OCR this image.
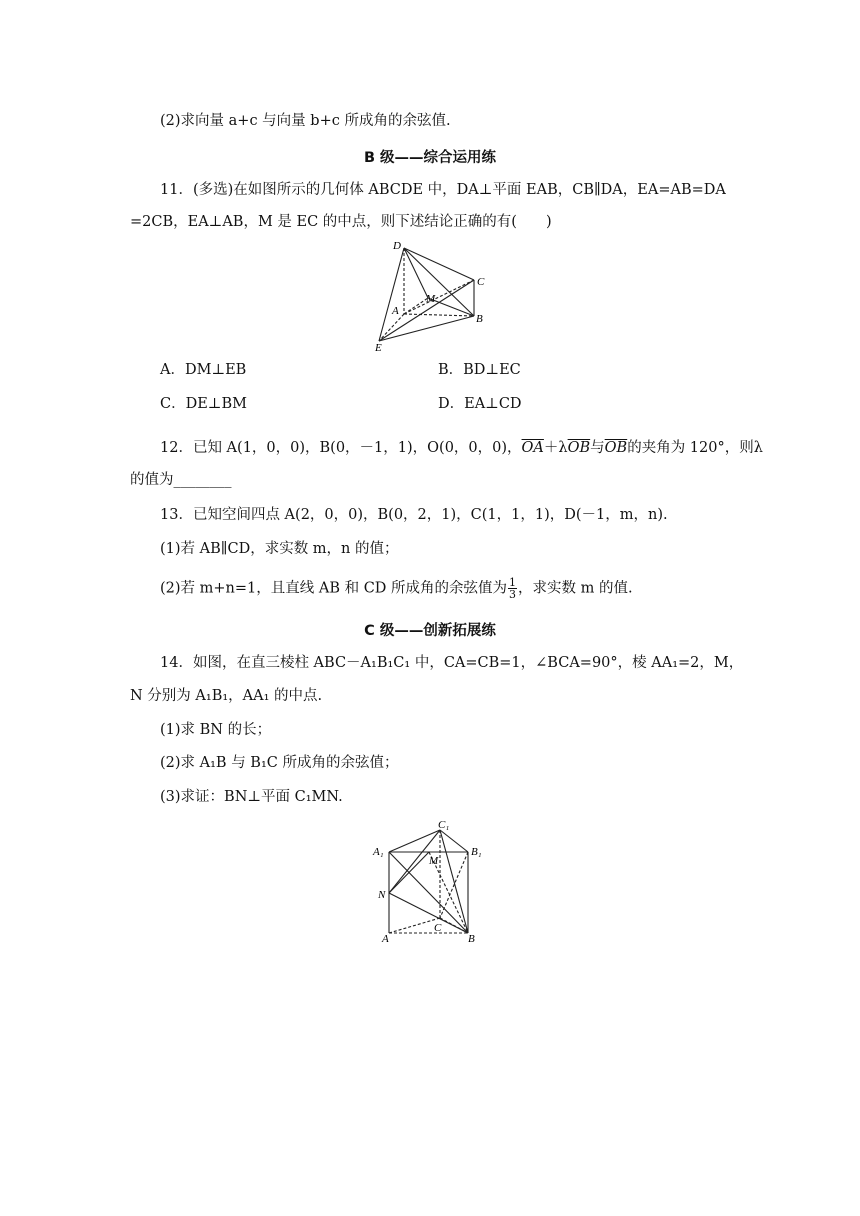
(2)求向量 a+c 与向量 b+c 所成角的余弦值.
B 级——综合运用练
11．(多选)在如图所示的几何体 ABCDE 中，DA⊥平面 EAB，CB∥DA，EA=AB=DA
=2CB，EA⊥AB，M 是 EC 的中点，则下述结论正确的有(　　)
D
C
M
A
B
E
A．DM⊥EB	B．BD⊥EC
C．DE⊥BM	D．EA⊥CD
12．已知 A(1，0，0)，B(0，－1，1)，O(0，0，0)，$\overline{OA}+\lambda\overline{OB}$与$\overline{OB}$的夹角为 120°，则λ
的值为________
13．已知空间四点 A(2，0，0)，B(0，2，1)，C(1，1，1)，D(－1，m，n).
(1)若 AB∥CD，求实数 m，n 的值；
(2)若 m+n=1，且直线 AB 和 CD 所成角的余弦值为 $\frac{1}{3}$ ，求实数 m 的值.
C 级——创新拓展练
14．如图，在直三棱柱 ABC－A₁B₁C₁ 中，CA=CB=1，∠BCA=90°，棱 AA₁=2，M，
N 分别为 A₁B₁，AA₁ 的中点.
(1)求 BN 的长；
(2)求 A₁B 与 B₁C 所成角的余弦值；
(3)求证：BN⊥平面 C₁MN.
C₁
A₁	B₁
M
N
C
A	B
